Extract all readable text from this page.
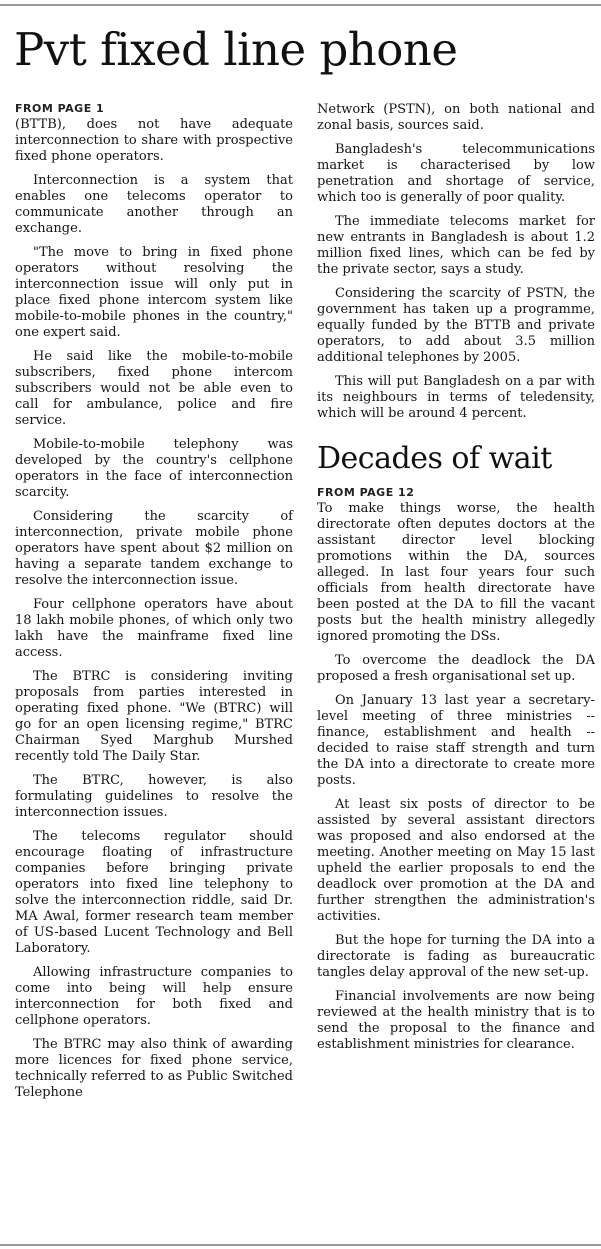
Pvt fixed line phone
FROM PAGE 1

(BTTB), does not have adequate interconnection to share with prospective fixed phone operators.

Interconnection is a system that enables one telecoms operator to communicate another through an exchange.

"The move to bring in fixed phone operators without resolving the interconnection issue will only put in place fixed phone intercom system like mobile-to-mobile phones in the country," one expert said.

He said like the mobile-to-mobile subscribers, fixed phone intercom subscribers would not be able even to call for ambulance, police and fire service.

Mobile-to-mobile telephony was developed by the country's cellphone operators in the face of interconnection scarcity.

Considering the scarcity of interconnection, private mobile phone operators have spent about $2 million on having a separate tandem exchange to resolve the interconnection issue.

Four cellphone operators have about 18 lakh mobile phones, of which only two lakh have the mainframe fixed line access.

The BTRC is considering inviting proposals from parties interested in operating fixed phone. "We (BTRC) will go for an open licensing regime," BTRC Chairman Syed Marghub Murshed recently told The Daily Star.

The BTRC, however, is also formulating guidelines to resolve the interconnection issues.

The telecoms regulator should encourage floating of infrastructure companies before bringing private operators into fixed line telephony to solve the interconnection riddle, said Dr. MA Awal, former research team member of US-based Lucent Technology and Bell Laboratory.

Allowing infrastructure companies to come into being will help ensure interconnection for both fixed and cellphone operators.

The BTRC may also think of awarding more licences for fixed phone service, technically referred to as Public Switched Telephone

Network (PSTN), on both national and zonal basis, sources said.

Bangladesh's telecommunications market is characterised by low penetration and shortage of service, which too is generally of poor quality.

The immediate telecoms market for new entrants in Bangladesh is about 1.2 million fixed lines, which can be fed by the private sector, says a study.

Considering the scarcity of PSTN, the government has taken up a programme, equally funded by the BTTB and private operators, to add about 3.5 million additional telephones by 2005.

This will put Bangladesh on a par with its neighbours in terms of teledensity, which will be around 4 percent.

Decades of wait
FROM PAGE 12

To make things worse, the health directorate often deputes doctors at the assistant director level blocking promotions within the DA, sources alleged. In last four years four such officials from health directorate have been posted at the DA to fill the vacant posts but the health ministry allegedly ignored promoting the DSs.

To overcome the deadlock the DA proposed a fresh organisational set up.

On January 13 last year a secretary-level meeting of three ministries -- finance, establishment and health -- decided to raise staff strength and turn the DA into a directorate to create more posts.

At least six posts of director to be assisted by several assistant directors was proposed and also endorsed at the meeting. Another meeting on May 15 last upheld the earlier proposals to end the deadlock over promotion at the DA and further strengthen the administration's activities.

But the hope for turning the DA into a directorate is fading as bureaucratic tangles delay approval of the new set-up.

Financial involvements are now being reviewed at the health ministry that is to send the proposal to the finance and establishment ministries for clearance.
